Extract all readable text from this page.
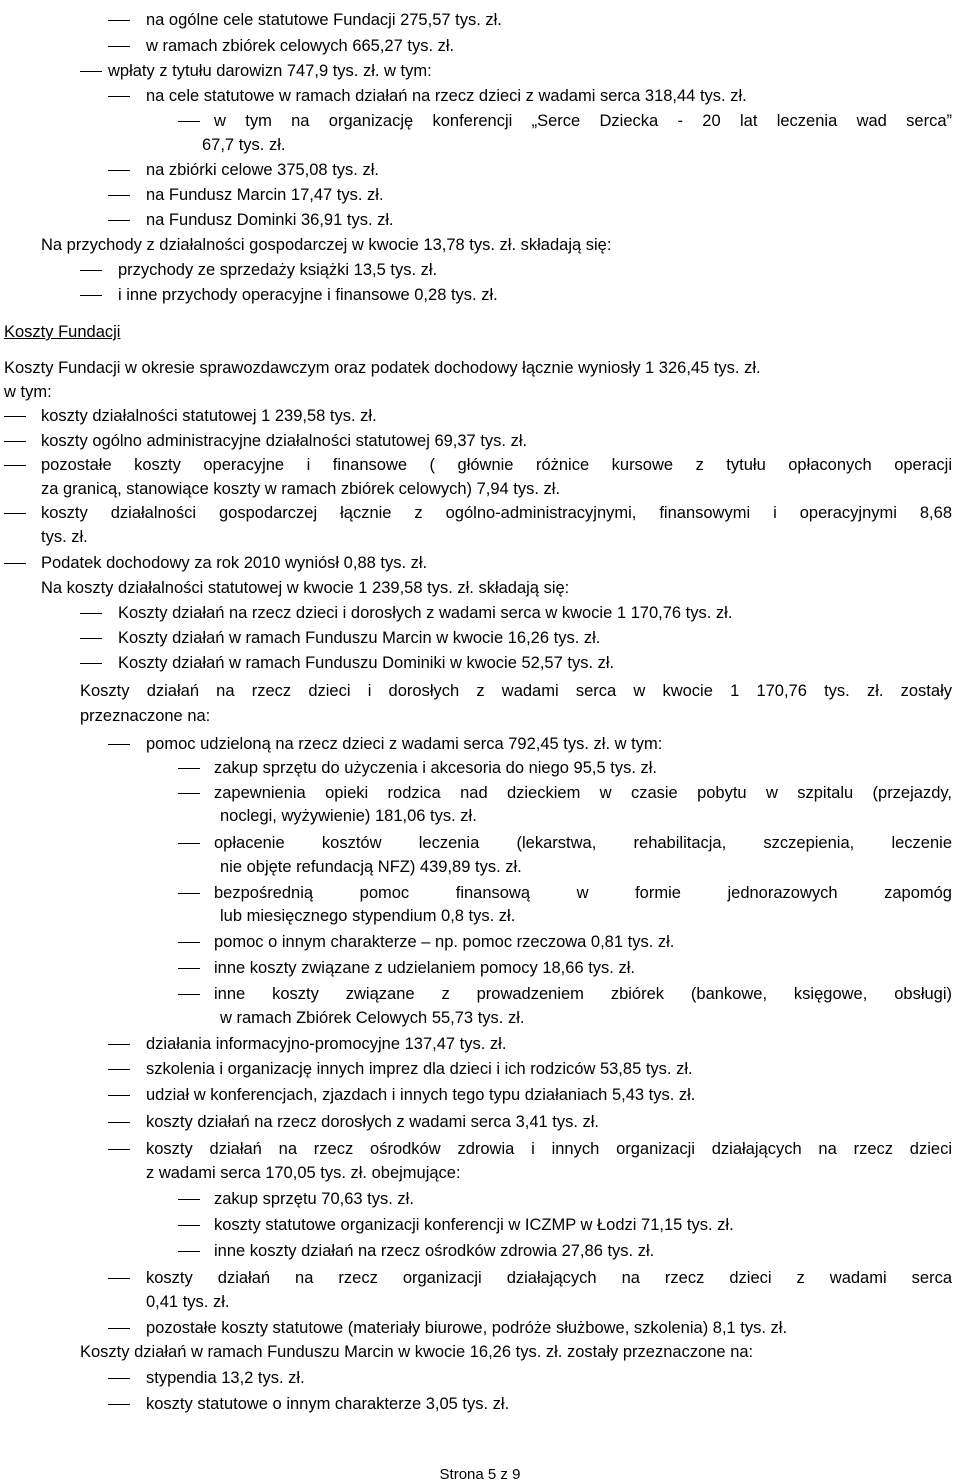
na ogólne cele statutowe Fundacji 275,57 tys. zł.
w ramach zbiórek celowych 665,27 tys. zł.
wpłaty z tytułu darowizn 747,9 tys. zł. w tym:
na cele statutowe w ramach działań na rzecz dzieci z wadami serca 318,44 tys. zł.
w tym na organizację konferencji „Serce Dziecka - 20 lat leczenia wad serca”
67,7 tys. zł.
na zbiórki celowe 375,08 tys. zł.
na Fundusz Marcin 17,47 tys. zł.
na Fundusz Dominki 36,91 tys. zł.
Na przychody z działalności gospodarczej w kwocie 13,78 tys. zł. składają się:
przychody ze sprzedaży książki 13,5 tys. zł.
i inne przychody operacyjne i finansowe 0,28 tys. zł.
Koszty Fundacji
Koszty Fundacji w okresie sprawozdawczym oraz podatek dochodowy łącznie wyniosły 1 326,45 tys. zł.
w tym:
koszty działalności statutowej 1 239,58 tys. zł.
koszty ogólno administracyjne działalności statutowej 69,37 tys. zł.
pozostałe koszty operacyjne i finansowe ( głównie różnice kursowe z tytułu opłaconych operacji
za granicą, stanowiące koszty w ramach zbiórek celowych) 7,94 tys. zł.
koszty działalności gospodarczej łącznie z ogólno-administracyjnymi, finansowymi i operacyjnymi 8,68
tys. zł.
Podatek dochodowy za rok 2010 wyniósł 0,88 tys. zł.
Na koszty działalności statutowej w kwocie 1 239,58 tys. zł. składają się:
Koszty działań na rzecz dzieci i dorosłych z wadami serca w kwocie 1 170,76 tys. zł.
Koszty działań w ramach Funduszu Marcin w kwocie 16,26 tys. zł.
Koszty działań w ramach Funduszu Dominiki w kwocie 52,57 tys. zł.
Koszty działań na rzecz dzieci i dorosłych z wadami serca w kwocie 1 170,76 tys. zł. zostały
przeznaczone na:
pomoc udzieloną na rzecz dzieci z wadami serca 792,45 tys. zł. w tym:
zakup sprzętu do użyczenia i akcesoria do niego 95,5 tys. zł.
zapewnienia opieki rodzica nad dzieckiem w czasie pobytu w szpitalu (przejazdy,
noclegi, wyżywienie) 181,06 tys. zł.
opłacenie kosztów leczenia (lekarstwa, rehabilitacja, szczepienia, leczenie
nie objęte refundacją NFZ) 439,89 tys. zł.
bezpośrednią pomoc finansową w formie jednorazowych zapomóg
lub miesięcznego stypendium 0,8 tys. zł.
pomoc o innym charakterze – np. pomoc rzeczowa 0,81 tys. zł.
inne koszty związane z udzielaniem pomocy 18,66 tys. zł.
inne koszty związane z prowadzeniem zbiórek (bankowe, księgowe, obsługi)
w ramach Zbiórek Celowych 55,73 tys. zł.
działania informacyjno-promocyjne 137,47 tys. zł.
szkolenia i organizację innych imprez dla dzieci i ich rodziców 53,85 tys. zł.
udział w konferencjach, zjazdach i innych tego typu działaniach 5,43 tys. zł.
koszty działań na rzecz dorosłych z wadami serca 3,41 tys. zł.
koszty działań na rzecz ośrodków zdrowia i innych organizacji działających na rzecz dzieci
z wadami serca 170,05 tys. zł. obejmujące:
zakup sprzętu 70,63 tys. zł.
koszty statutowe organizacji konferencji w ICZMP w Łodzi 71,15 tys. zł.
inne koszty działań na rzecz ośrodków zdrowia 27,86 tys. zł.
koszty działań na rzecz organizacji działających na rzecz dzieci z wadami serca
0,41 tys. zł.
pozostałe koszty statutowe (materiały biurowe, podróże służbowe, szkolenia) 8,1 tys. zł.
Koszty działań w ramach Funduszu Marcin w kwocie 16,26 tys. zł. zostały przeznaczone na:
stypendia 13,2 tys. zł.
koszty statutowe o innym charakterze 3,05 tys. zł.
Strona 5 z 9
